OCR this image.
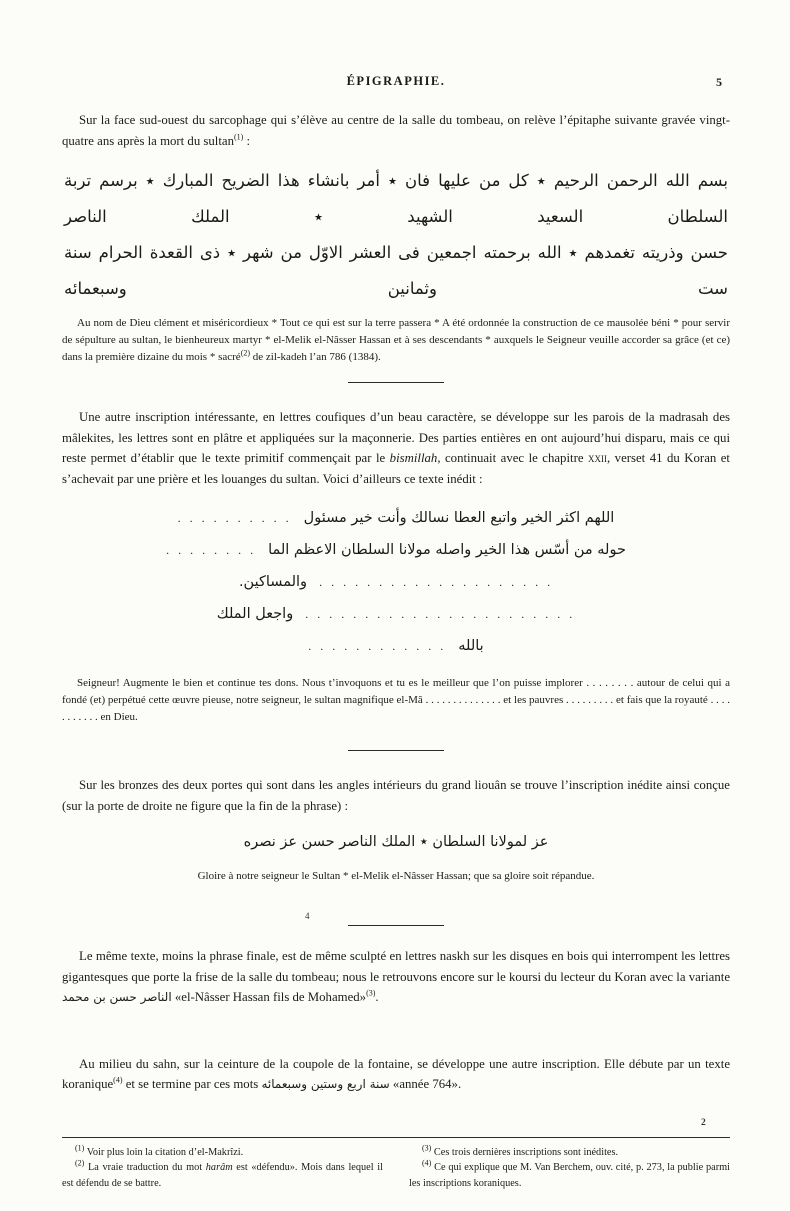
ÉPIGRAPHIE.	5

Sur la face sud-ouest du sarcophage qui s’élève au centre de la salle du tombeau, on relève l’épitaphe suivante gravée vingt-quatre ans après la mort du sultan$^{(1)}$ :

بسم الله الرحمن الرحيم ٭ كل من عليها فان ٭ أمر بانشاء هذا الضريح المبارك ٭ برسم تربة السلطان السعيد الشهيد ٭ الملك الناصر
حسن وذريته تغمدهم ٭ الله برحمته اجمعين فى العشر الاوّل من شهر ٭ ذى القعدة الحرام سنة ست وثمانين وسبعمائه

Au nom de Dieu clément et miséricordieux * Tout ce qui est sur la terre passera * A été ordonnée la construction de ce mausolée béni * pour servir de sépulture au sultan, le bienheureux martyr * el-Melik el-Nâsser Hassan et à ses descendants * auxquels le Seigneur veuille accorder sa grâce (et ce) dans la première dizaine du mois * sacré$^{(2)}$ de zil-kadeh l’an 786 (1384).

Une autre inscription intéressante, en lettres coufiques d’un beau caractère, se développe sur les parois de la madrasah des mâlekites, les lettres sont en plâtre et appliquées sur la maçonnerie. Des parties entières en ont aujourd’hui disparu, mais ce qui reste permet d’établir que le texte primitif commençait par le bismillah, continuait avec le chapitre xxii, verset 41 du Koran et s’achevait par une prière et les louanges du sultan. Voici d’ailleurs ce texte inédit :

. . . . . . . . . . اللهم اكثر الخير واتبع العطا نسالك وأنت خير مسئول
. . . . . . . . حوله من أسّس هذا الخير واصله مولانا السلطان الاعظم الما
والمساكين. . . . . . . . . . . . . . . . . . . . .
واجعل الملك . . . . . . . . . . . . . . . . . . . . . . .
. . . . . . . . . . . . بالله

Seigneur! Augmente le bien et continue tes dons. Nous t’invoquons et tu es le meilleur que l’on puisse implorer . . . . . . . . autour de celui qui a fondé (et) perpétué cette œuvre pieuse, notre seigneur, le sultan magnifique el-Mâ . . . . . . . . . . . . . . et les pauvres . . . . . . . . . et fais que la royauté . . . . . . . . . . . en Dieu.

Sur les bronzes des deux portes qui sont dans les angles intérieurs du grand liouân se trouve l’inscription inédite ainsi conçue (sur la porte de droite ne figure que la fin de la phrase) :

عز لمولانا السلطان ٭ الملك الناصر حسن عز نصره

Gloire à notre seigneur le Sultan * el-Melik el-Nâsser Hassan; que sa gloire soit répandue.

4

Le même texte, moins la phrase finale, est de même sculpté en lettres naskh sur les disques en bois qui interrompent les lettres gigantesques que porte la frise de la salle du tombeau; nous le retrouvons encore sur le koursi du lecteur du Koran avec la variante الناصر حسن بن محمد «el-Nâsser Hassan fils de Mohamed»$^{(3)}$.

Au milieu du sahn, sur la ceinture de la coupole de la fontaine, se développe une autre inscription. Elle débute par un texte koranique$^{(4)}$ et se termine par ces mots سنة اربع وستين وسبعمائه «année 764».

$^{(1)}$ Voir plus loin la citation d’el-Makrîzi.

$^{(2)}$ La vraie traduction du mot harâm est «défendu». Mois dans lequel il est défendu de se battre.

$^{(3)}$ Ces trois dernières inscriptions sont inédites.

$^{(4)}$ Ce qui explique que M. Van Berchem, ouv. cité, p. 273, la publie parmi les inscriptions koraniques.

2
